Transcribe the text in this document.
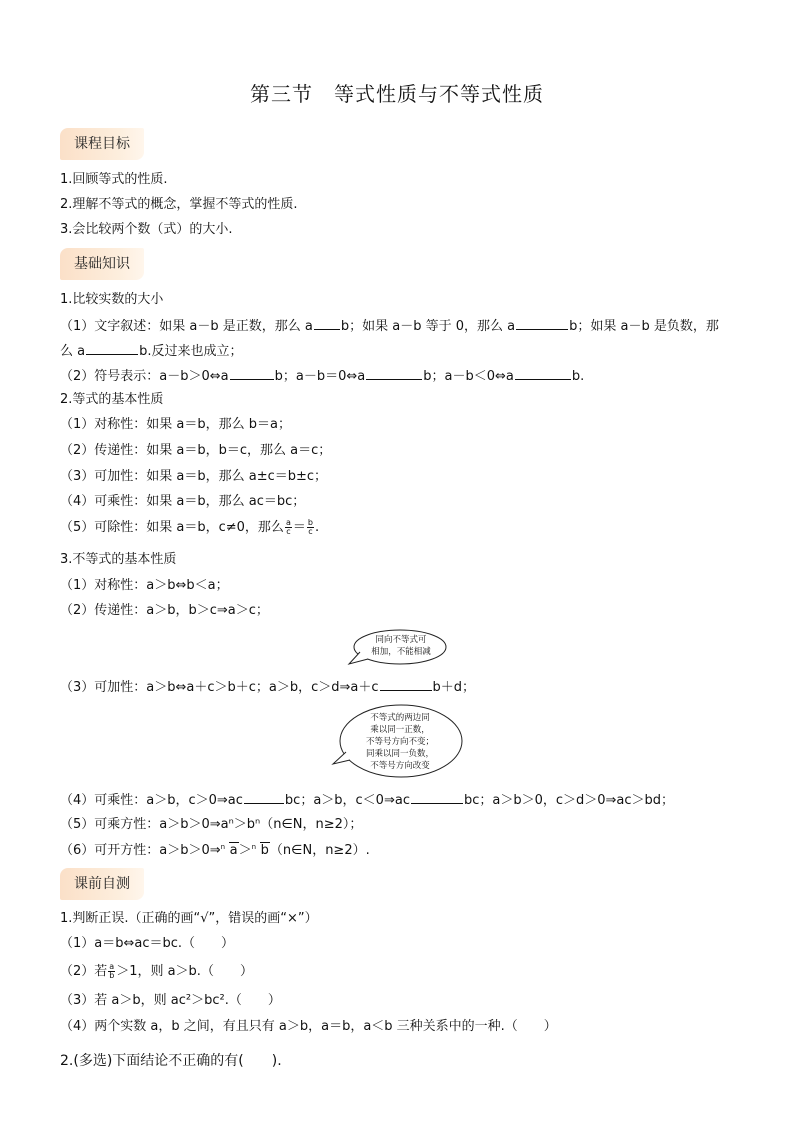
第三节　等式性质与不等式性质
课程目标
1.回顾等式的性质.
2.理解不等式的概念，掌握不等式的性质.
3.会比较两个数（式）的大小.
基础知识
1.比较实数的大小
（1）文字叙述：如果 a－b 是正数，那么 a b；如果 a－b 等于 0，那么 a	b；如果 a－b 是负数，那
么 a	b.反过来也成立；
（2）符号表示：a－b＞0⇔a	b；a－b＝0⇔a	b；a－b＜0⇔a	b.
2.等式的基本性质
（1）对称性：如果 a＝b，那么 b＝a；
（2）传递性：如果 a＝b，b＝c，那么 a＝c；
（3）可加性：如果 a＝b，那么 a±c＝b±c；
（4）可乘性：如果 a＝b，那么 ac＝bc；
（5）可除性：如果 a＝b，c≠0，那么 $\frac{a}{c} = \frac{b}{c}$ .
3.不等式的基本性质
（1）对称性：a＞b⇔b＜a；
（2）传递性：a＞b，b＞c⇒a＞c；
同向不等式可
相加，不能相减
（3）可加性：a＞b⇔a＋c＞b＋c；a＞b，c＞d⇒a＋c	b＋d；
不等式的两边同
乘以同一正数，
不等号方向不变；
同乘以同一负数，
不等号方向改变
（4）可乘性：a＞b，c＞0⇒ac	bc；a＞b，c＜0⇒ac	bc；a＞b＞0，c＞d＞0⇒ac＞bd；
（5）可乘方性：a＞b＞0⇒aⁿ＞bⁿ（n∈N，n≥2）；
（6）可开方性：a＞b＞0⇒ n a＞ n b（n∈N，n≥2）.
课前自测
1.判断正误.（正确的画“√”，错误的画“×”）
（1）a＝b⇔ac＝bc.（　　）
（2）若 $\frac{a}{b} >1$，则 a＞b.（　　）
（3）若 a＞b，则 ac²＞bc².（　　）
（4）两个实数 a，b 之间，有且只有 a＞b，a＝b，a＜b 三种关系中的一种.（　　）
2.(多选)下面结论不正确的有(　　).
